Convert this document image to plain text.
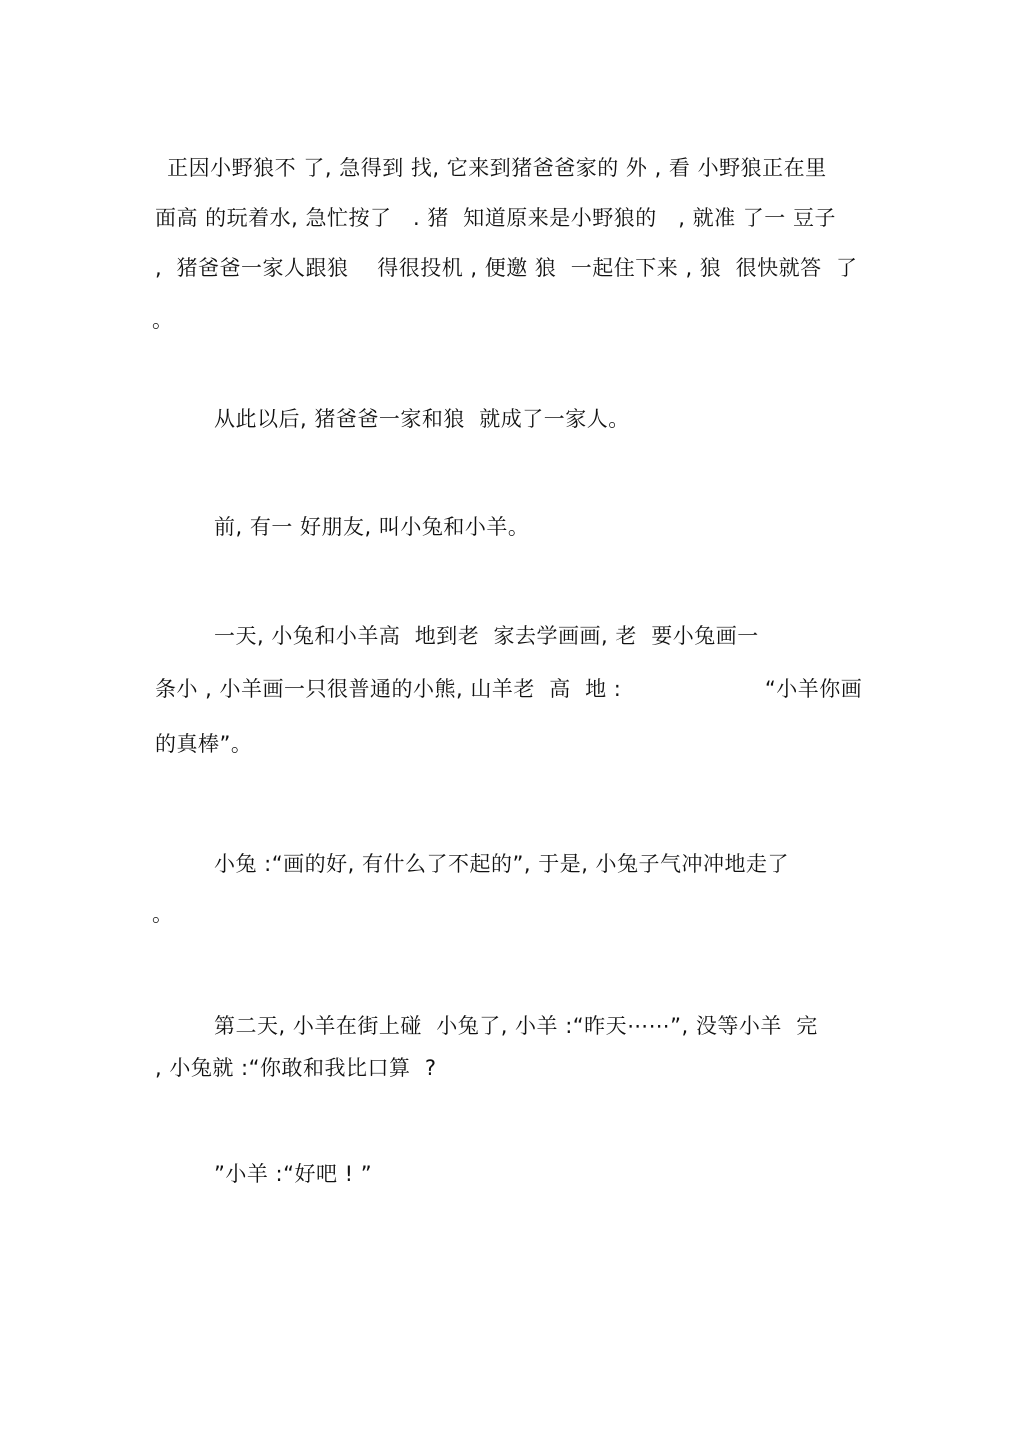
正因小野狼不 了, 急得到 找, 它来到猪爸爸家的 外 , 看 小野狼正在里
面高 的玩着水, 急忙按了   . 猪  知道原来是小野狼的   , 就准 了一 豆子
,  猪爸爸一家人跟狼    得很投机 , 便邀 狼  一起住下来 , 狼  很快就答  了
。
从此以后, 猪爸爸一家和狼  就成了一家人。
前, 有一 好朋友, 叫小兔和小羊。
一天, 小兔和小羊高  地到老  家去学画画, 老  要小兔画一
条小 , 小羊画一只很普通的小熊, 山羊老  高  地 :                    “小羊你画
的真棒”。
小兔 :“画的好, 有什么了不起的”, 于是, 小兔子气冲冲地走了
。
第二天, 小羊在街上碰  小兔了, 小羊 :“昨天⋯⋯”, 没等小羊  完
, 小兔就 :“你敢和我比口算  ?
”小羊 :“好吧 ! ”
